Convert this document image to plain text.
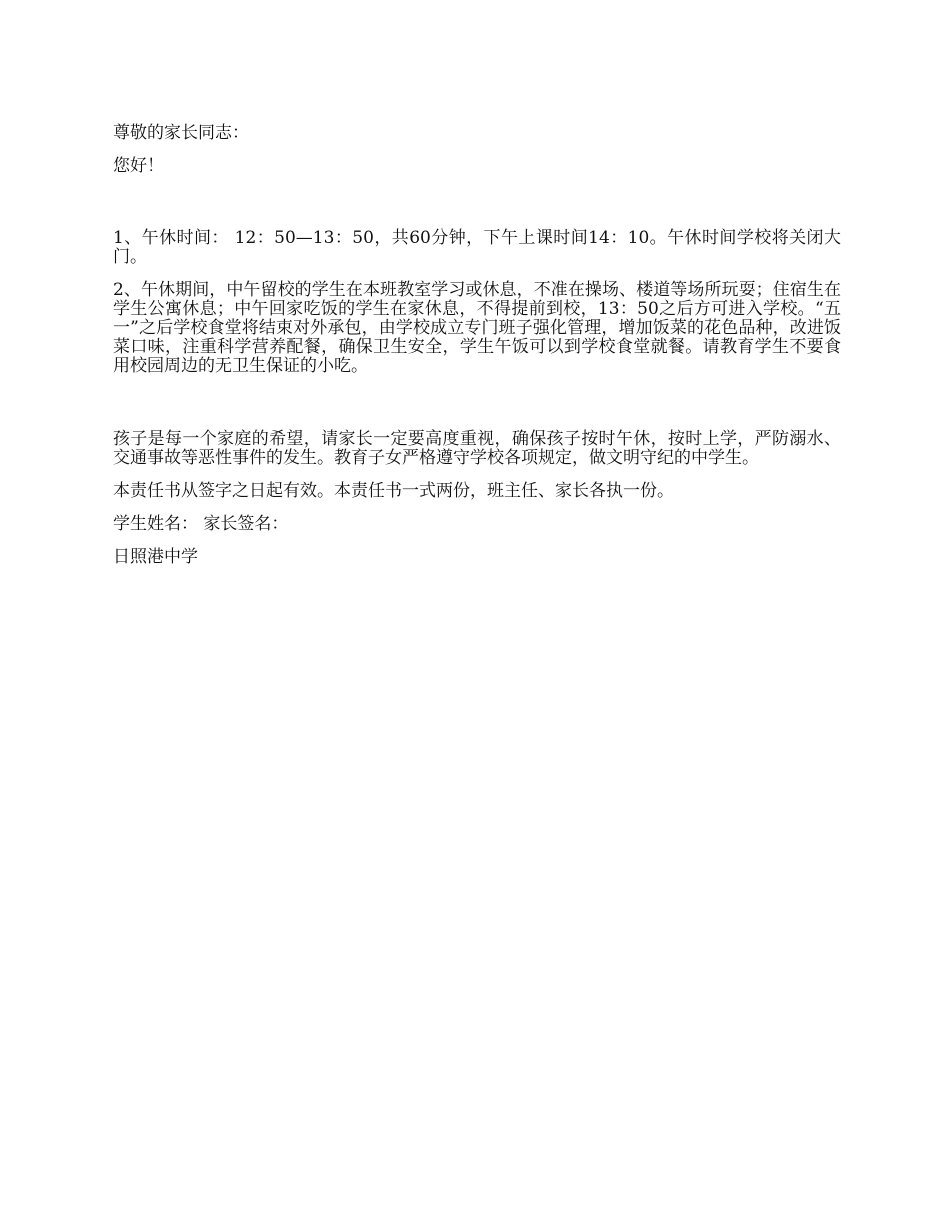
尊敬的家长同志：

您好！

1、午休时间： 12：50—13：50，共60分钟，下午上课时间14：10。午休时间学校将关闭大门。

2、午休期间，中午留校的学生在本班教室学习或休息，不准在操场、楼道等场所玩耍；住宿生在学生公寓休息；中午回家吃饭的学生在家休息，不得提前到校，13：50之后方可进入学校。“五一”之后学校食堂将结束对外承包，由学校成立专门班子强化管理，增加饭菜的花色品种，改进饭菜口味，注重科学营养配餐，确保卫生安全，学生午饭可以到学校食堂就餐。请教育学生不要食用校园周边的无卫生保证的小吃。

孩子是每一个家庭的希望，请家长一定要高度重视，确保孩子按时午休，按时上学，严防溺水、交通事故等恶性事件的发生。教育子女严格遵守学校各项规定，做文明守纪的中学生。

本责任书从签字之日起有效。本责任书一式两份，班主任、家长各执一份。

学生姓名： 家长签名：

日照港中学
